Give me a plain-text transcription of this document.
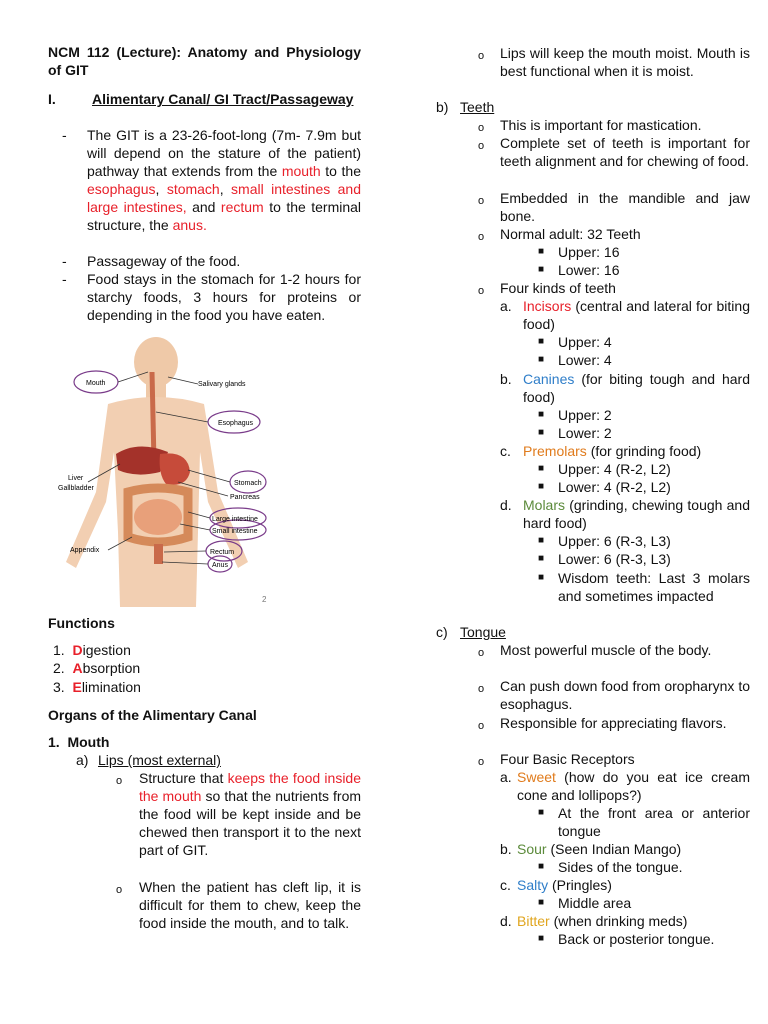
NCM 112 (Lecture): Anatomy and Physiology of GIT
I.	Alimentary Canal/ GI Tract/Passageway
- The GIT is a 23-26-foot-long (7m- 7.9m but will depend on the stature of the patient) pathway that extends from the mouth to the esophagus, stomach, small intestines and large intestines, and rectum to the terminal structure, the anus.
- Passageway of the food.
- Food stays in the stomach for 1-2 hours for starchy foods, 3 hours for proteins or depending in the food you have eaten.
Mouth	Salivary glands
Esophagus
Liver
Gallbladder
Stomach
Pancreas
Large intestine
Small intestine
Appendix	Rectum
Anus
2
Functions
1. Digestion
2. Absorption
3. Elimination
Organs of the Alimentary Canal
1. Mouth
a) Lips (most external)
o Structure that keeps the food inside the mouth so that the nutrients from the food will be kept inside and be chewed then transport it to the next part of GIT.
o When the patient has cleft lip, it is difficult for them to chew, keep the food inside the mouth, and to talk.
o Lips will keep the mouth moist. Mouth is best functional when it is moist.
b) Teeth
o This is important for mastication.
o Complete set of teeth is important for teeth alignment and for chewing of food.
o Embedded in the mandible and jaw bone.
o Normal adult: 32 Teeth
■ Upper: 16
■ Lower: 16
o Four kinds of teeth
a. Incisors (central and lateral for biting food)
■ Upper: 4
■ Lower: 4
b. Canines (for biting tough and hard food)
■ Upper: 2
■ Lower: 2
c. Premolars (for grinding food)
■ Upper: 4 (R-2, L2)
■ Lower: 4 (R-2, L2)
d. Molars (grinding, chewing tough and hard food)
■ Upper: 6 (R-3, L3)
■ Lower: 6 (R-3, L3)
■ Wisdom teeth: Last 3 molars and sometimes impacted
c) Tongue
o Most powerful muscle of the body.
o Can push down food from oropharynx to esophagus.
o Responsible for appreciating flavors.
o Four Basic Receptors
a. Sweet (how do you eat ice cream cone and lollipops?)
■ At the front area or anterior tongue
b. Sour (Seen Indian Mango)
■ Sides of the tongue.
c. Salty (Pringles)
■ Middle area
d. Bitter (when drinking meds)
■ Back or posterior tongue.
